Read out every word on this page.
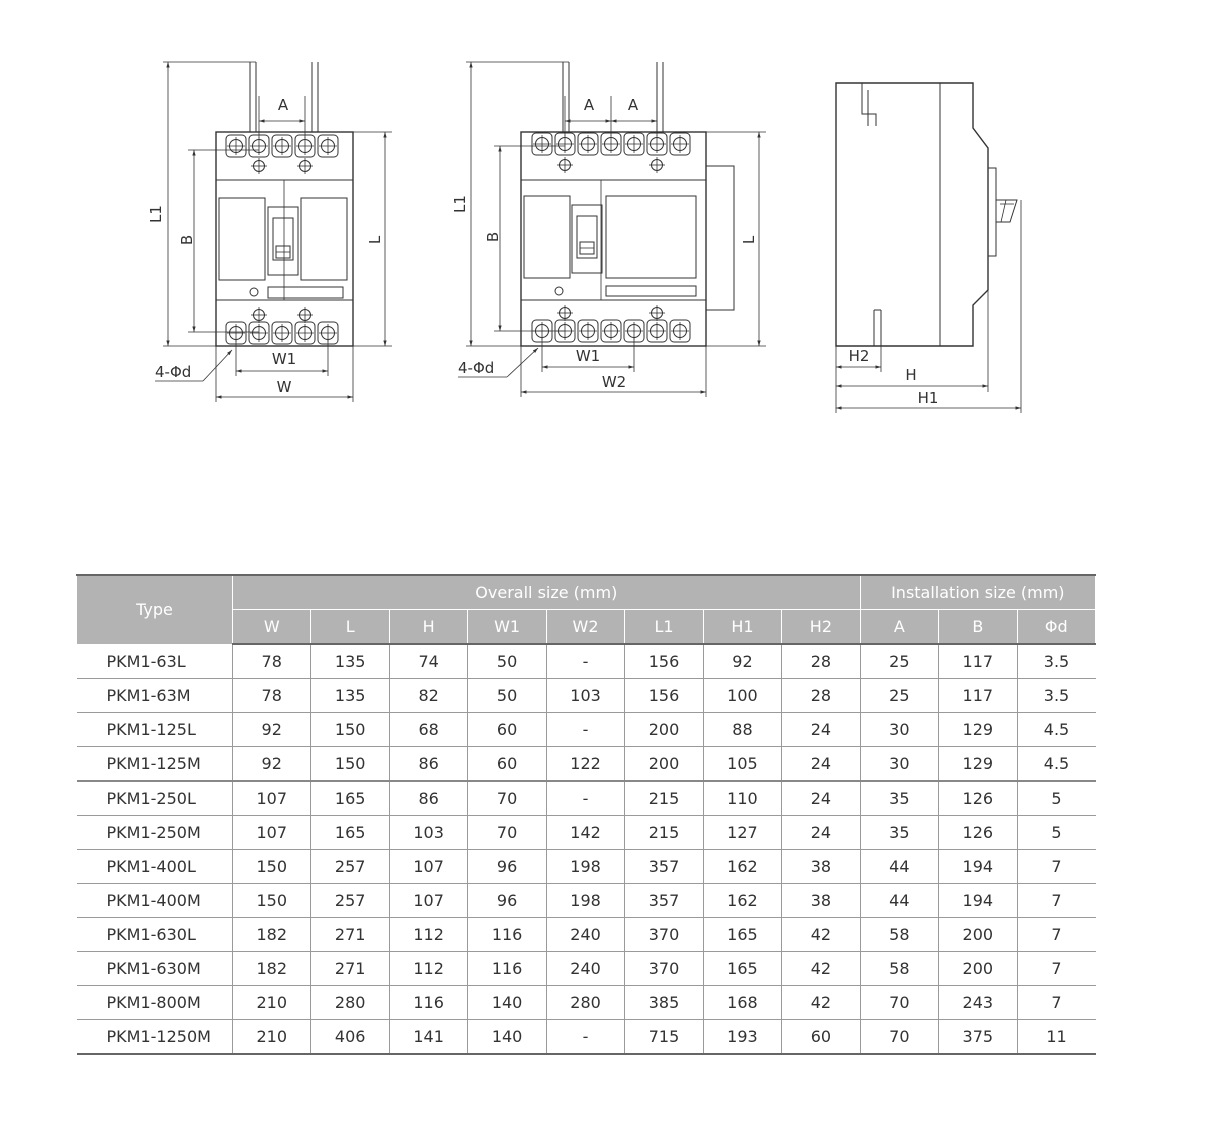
A
L1
B	L
W1
W
4-Φd
A A
L1
B	L
W1
W2
4-Φd
H2
H
H1
Type	Overall size (mm)								Installation size (mm)		
	W	L	H	W1	W2	L1	H1	H2	A	B	Φd
PKM1-63L	78	135	74	50	-	156	92	28	25	117	3.5
PKM1-63M	78	135	82	50	103	156	100	28	25	117	3.5
PKM1-125L	92	150	68	60	-	200	88	24	30	129	4.5
PKM1-125M	92	150	86	60	122	200	105	24	30	129	4.5
PKM1-250L	107	165	86	70	-	215	110	24	35	126	5
PKM1-250M	107	165	103	70	142	215	127	24	35	126	5
PKM1-400L	150	257	107	96	198	357	162	38	44	194	7
PKM1-400M	150	257	107	96	198	357	162	38	44	194	7
PKM1-630L	182	271	112	116	240	370	165	42	58	200	7
PKM1-630M	182	271	112	116	240	370	165	42	58	200	7
PKM1-800M	210	280	116	140	280	385	168	42	70	243	7
PKM1-1250M	210	406	141	140	-	715	193	60	70	375	11
